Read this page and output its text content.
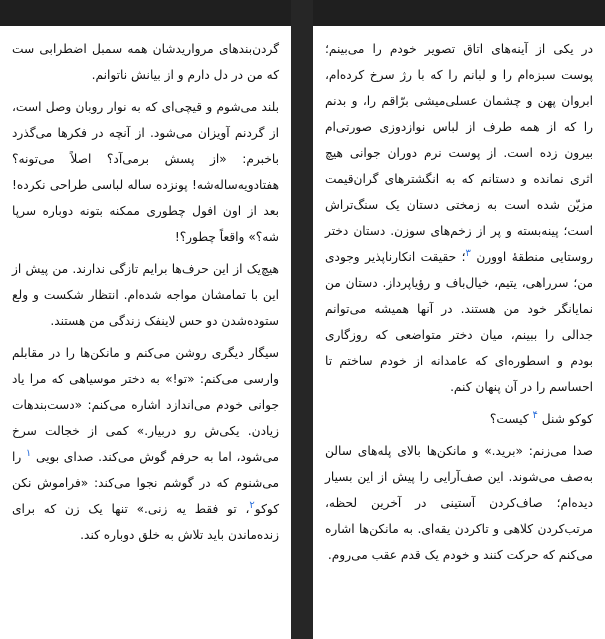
گردن‌بندهای مرواریدشان همه سمبل اضطرابی ست که من در دل دارم و از بیانش ناتوانم.

بلند می‌شوم و قیچی‌ای که به نوار روبان وصل است، از گردنم آویزان می‌شود. از آنچه در فکرها می‌گذرد باخبرم: «از پسش برمی‌آد؟ اصلاً می‌تونه؟ هفتادویه‌ساله‌شه! پونزده ساله لباسی طراحی نکرده! بعد از اون افول چطوری ممکنه بتونه دوباره سرپا شه؟» واقعاً چطور؟!

هیچ‌یک از این حرف‌ها برایم تازگی ندارند. من پیش از این با تمامشان مواجه شده‌ام. انتظار شکست و ولع ستوده‌شدن دو حس لاینفک زندگی من هستند.

سیگار دیگری روشن می‌کنم و مانکن‌ها را در مقابلم وارسی می‌کنم: «تو!» به دختر موسیاهی که مرا یاد جوانی خودم می‌اندازد اشاره می‌کنم: «دست‌بندهات زیادن. یکی‌ش رو دربیار.» کمی از خجالت سرخ می‌شود، اما به حرفم گوش می‌کند. صدای بویی $^۱$ را می‌شنوم که در گوشم نجوا می‌کند: «فراموش نکن کوکو$^۲$، تو فقط یه زنی.» تنها یک زن که برای زنده‌ماندن باید تلاش به خلق دوباره کند.

در یکی از آینه‌های اتاق تصویر خودم را می‌بینم؛ پوست سبزه‌ام را و لبانم را که با رژ سرخ کرده‌ام، ابروان پهن و چشمان عسلی‌میشی برّاقم را، و بدنم را که از همه طرف از لباس نوازدوزی صورتی‌ام بیرون زده است. از پوست نرم دوران جوانی هیچ اثری نمانده و دستانم که به انگشترهای گران‌قیمت مزیّن شده است به زمختی دستان یک سنگ‌تراش است؛ پینه‌بسته و پر از زخم‌های سوزن. دستان دختر روستایی منطقهٔ اوورن $^۳$؛ حقیقت انکارناپذیر وجودی من؛ سرراهی، یتیم، خیال‌باف و رؤیاپرداز. دستان من نمایانگر خود من هستند. در آنها همیشه می‌توانم جدالی را ببینم، میان دختر متواضعی که روزگاری بودم و اسطوره‌ای که عامدانه از خودم ساختم تا احساسم را در آن پنهان کنم.

کوکو شنل $^۴$ کیست؟

صدا می‌زنم: «برید.» و مانکن‌ها بالای پله‌های سالن به‌صف می‌شوند. این صف‌آرایی را پیش از این بسیار دیده‌ام؛ صاف‌کردن آستینی در آخرین لحظه، مرتب‌کردن کلاهی و تاکردن یقه‌ای. به مانکن‌ها اشاره می‌کنم که حرکت کنند و خودم یک قدم عقب می‌روم.
